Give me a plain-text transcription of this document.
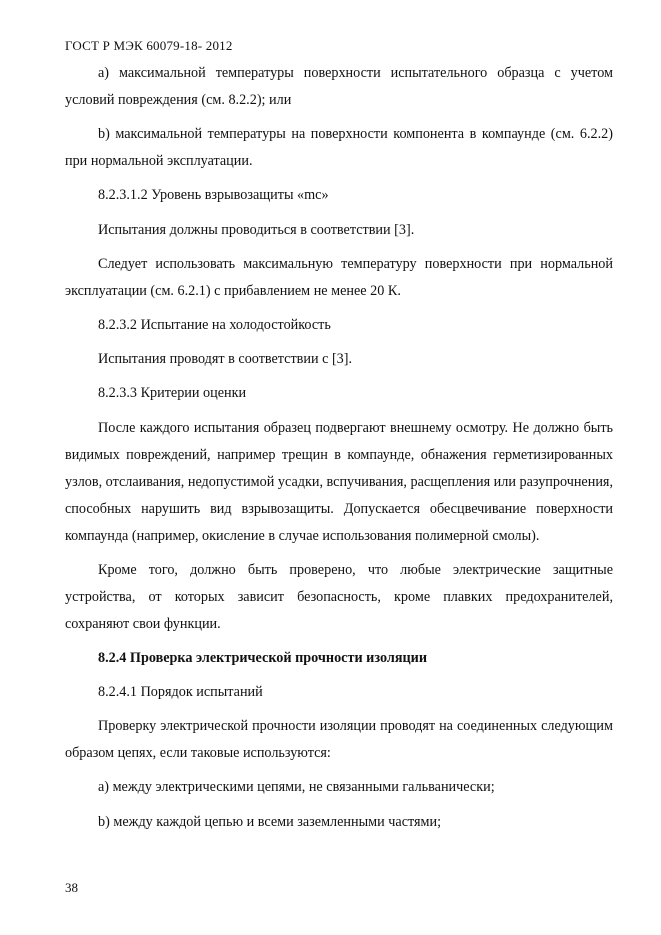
ГОСТ Р МЭК 60079-18- 2012

а) максимальной температуры поверхности испытательного образца с учетом условий повреждения (см. 8.2.2); или

b) максимальной температуры на поверхности компонента в компаунде (см. 6.2.2) при нормальной эксплуатации.

8.2.3.1.2 Уровень взрывозащиты «mc»

Испытания должны проводиться в соответствии [3].

Следует использовать максимальную температуру поверхности при нормальной эксплуатации (см. 6.2.1) с прибавлением не менее 20 К.

8.2.3.2 Испытание на холодостойкость

Испытания проводят в соответствии с [3].

8.2.3.3 Критерии оценки

После каждого испытания образец подвергают внешнему осмотру. Не должно быть видимых повреждений, например трещин в компаунде, обнажения герметизированных узлов, отслаивания, недопустимой усадки, вспучивания, расщепления или разупрочнения, способных нарушить вид взрывозащиты. Допускается обесцвечивание поверхности компаунда (например, окисление в случае использования полимерной смолы).

Кроме того, должно быть проверено, что любые электрические защитные устройства, от которых зависит безопасность, кроме плавких предохранителей, сохраняют свои функции.

8.2.4 Проверка электрической прочности изоляции

8.2.4.1 Порядок испытаний

Проверку электрической прочности изоляции проводят на соединенных следующим образом цепях, если таковые используются:

а) между электрическими цепями, не связанными гальванически;

b) между каждой цепью и всеми заземленными частями;

38
